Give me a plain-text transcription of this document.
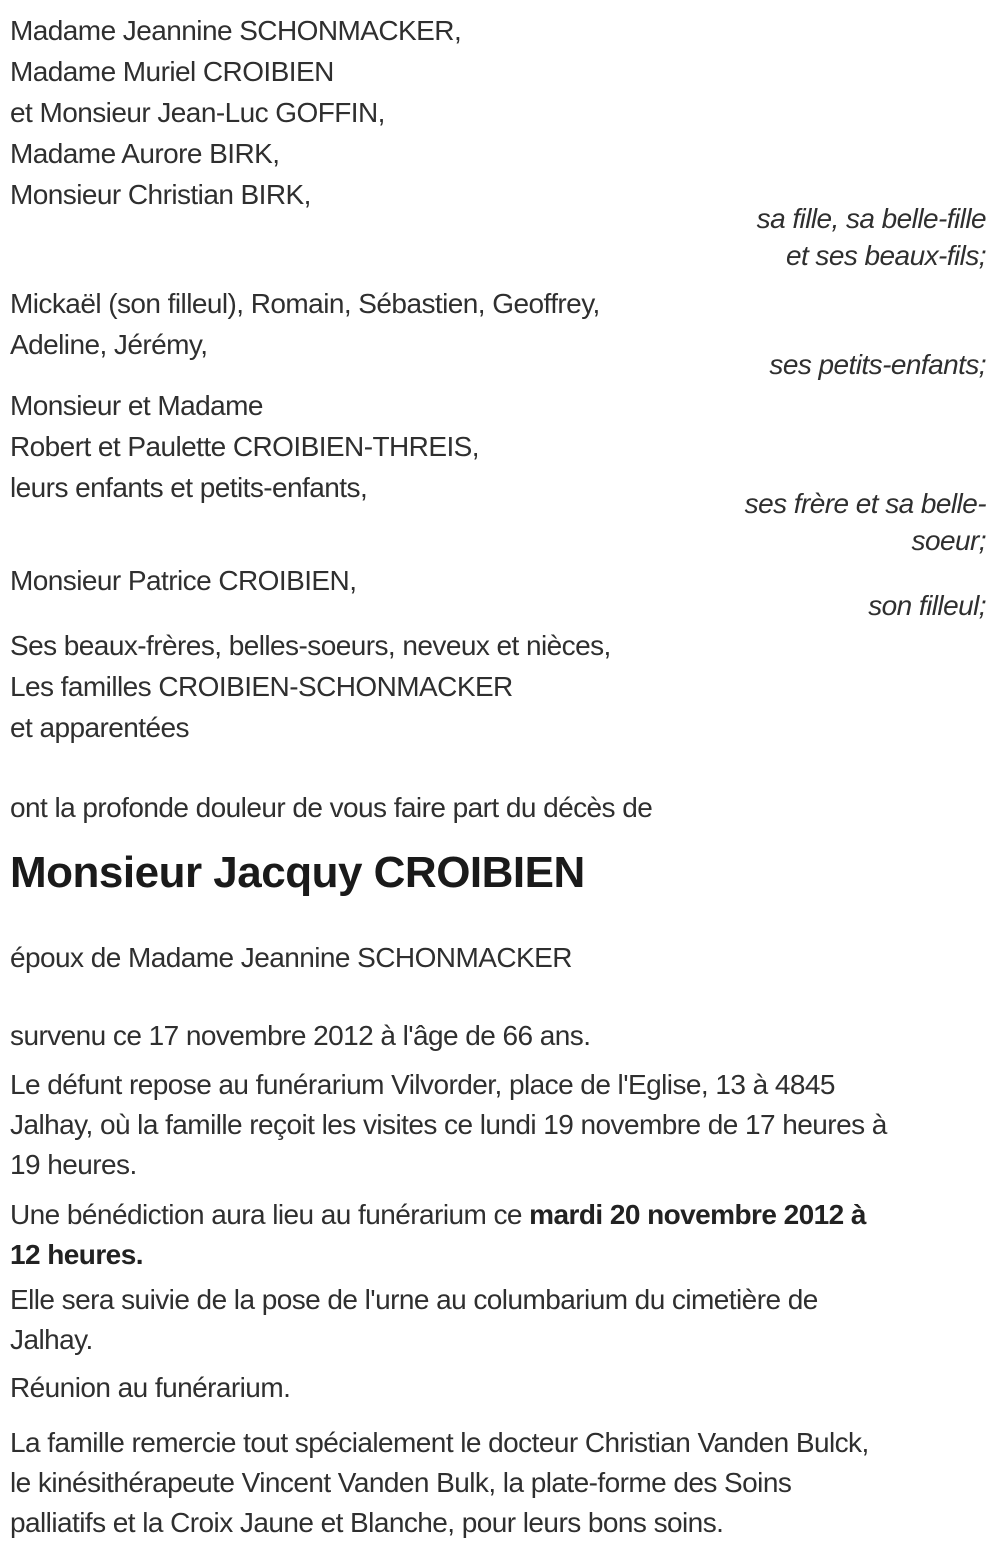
Madame Jeannine SCHONMACKER,
Madame Muriel CROIBIEN
et Monsieur Jean-Luc GOFFIN,
Madame Aurore BIRK,
Monsieur Christian BIRK,
sa fille, sa belle-fille
et ses beaux-fils;
Mickaël (son filleul), Romain, Sébastien, Geoffrey,
Adeline, Jérémy,
ses petits-enfants;
Monsieur et Madame
Robert et Paulette CROIBIEN-THREIS,
leurs enfants et petits-enfants,
ses frère et sa belle-
soeur;
Monsieur Patrice CROIBIEN,
son filleul;
Ses beaux-frères, belles-soeurs, neveux et nièces,
Les familles CROIBIEN-SCHONMACKER
et apparentées
ont la profonde douleur de vous faire part du décès de
Monsieur Jacquy CROIBIEN
époux de Madame Jeannine SCHONMACKER
survenu ce 17 novembre 2012 à l'âge de 66 ans.
Le défunt repose au funérarium Vilvorder, place de l'Eglise, 13 à 4845
Jalhay, où la famille reçoit les visites ce lundi 19 novembre de 17 heures à
19 heures.
Une bénédiction aura lieu au funérarium ce mardi 20 novembre 2012 à
12 heures.
Elle sera suivie de la pose de l'urne au columbarium du cimetière de
Jalhay.
Réunion au funérarium.
La famille remercie tout spécialement le docteur Christian Vanden Bulck,
le kinésithérapeute Vincent Vanden Bulk, la plate-forme des Soins
palliatifs et la Croix Jaune et Blanche, pour leurs bons soins.
